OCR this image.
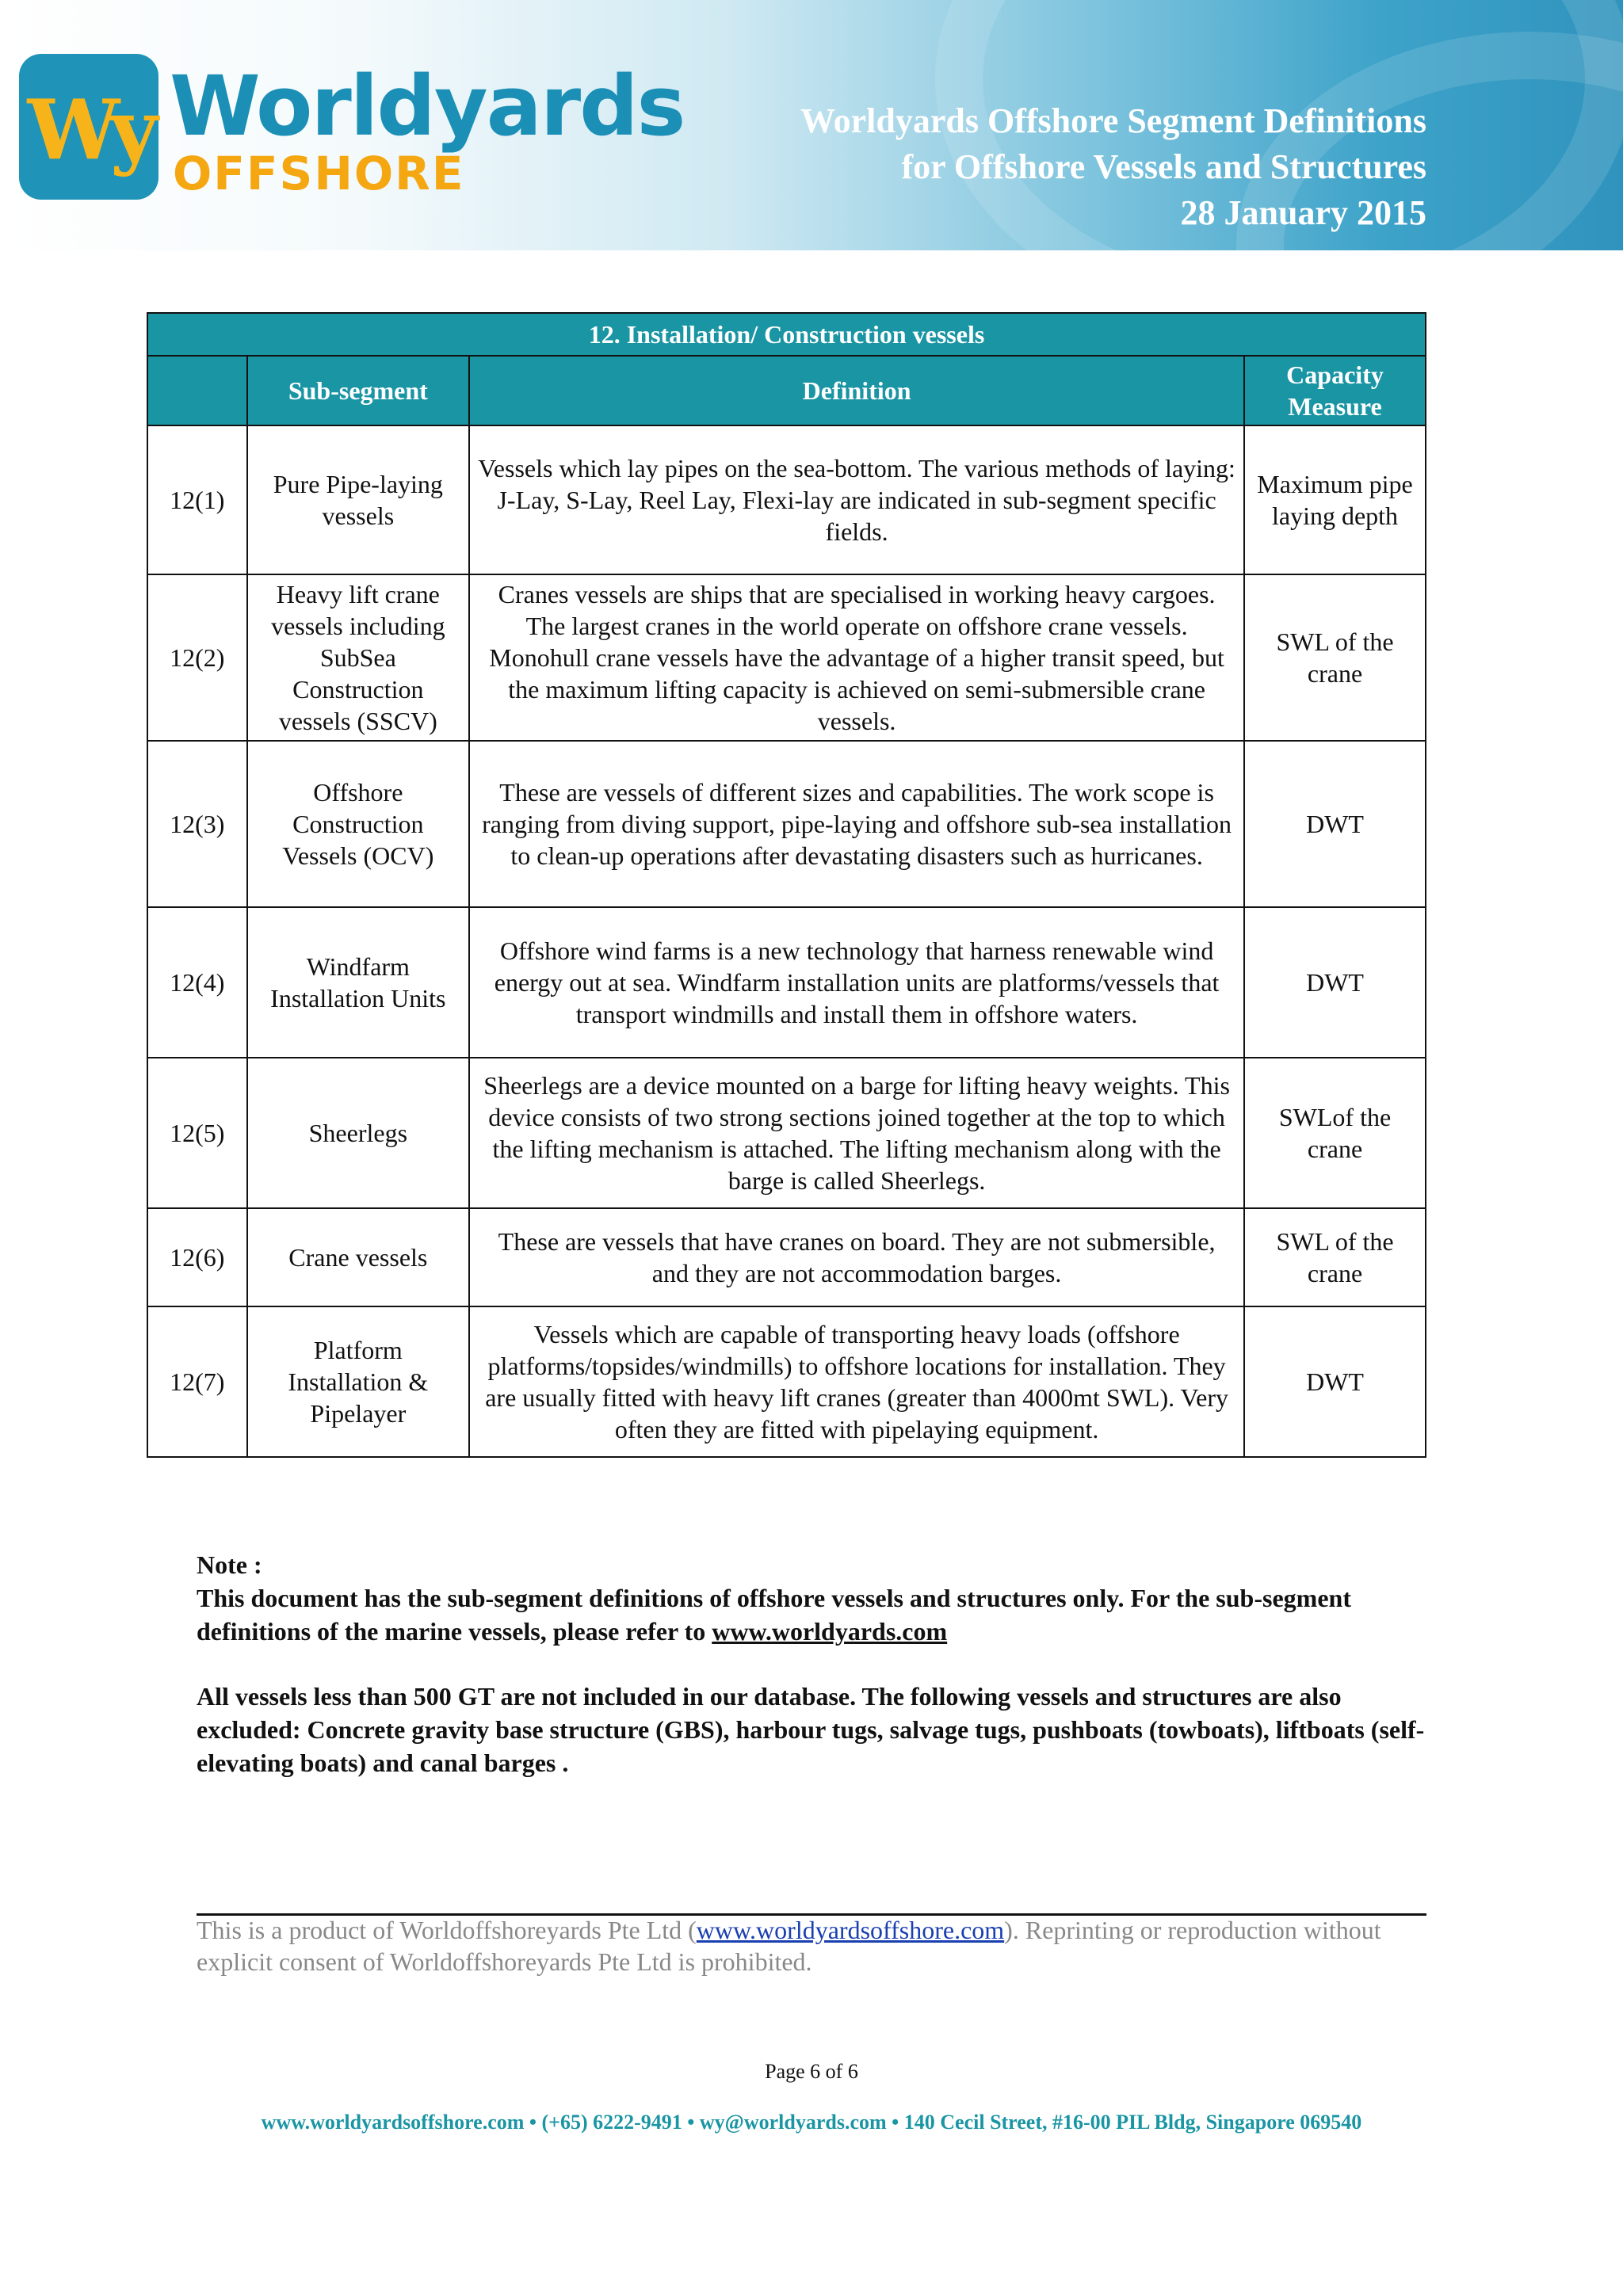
Wy Worldyards
OFFSHORE
Worldyards Offshore Segment Definitions
for Offshore Vessels and Structures
28 January 2015
12. Installation/ Construction vessels			
	Sub-segment	Definition	Capacity Measure
12(1)	Pure Pipe-laying vessels	Vessels which lay pipes on the sea-bottom. The various methods of laying: J-Lay, S-Lay, Reel Lay, Flexi-lay are indicated in sub-segment specific fields.	Maximum pipe laying depth
12(2)	Heavy lift crane vessels including SubSea Construction vessels (SSCV)	Cranes vessels are ships that are specialised in working heavy cargoes. The largest cranes in the world operate on offshore crane vessels. Monohull crane vessels have the advantage of a higher transit speed, but the maximum lifting capacity is achieved on semi-submersible crane vessels.	SWL of the crane
12(3)	Offshore Construction Vessels (OCV)	These are vessels of different sizes and capabilities. The work scope is ranging from diving support, pipe-laying and offshore sub-sea installation to clean-up operations after devastating disasters such as hurricanes.	DWT
12(4)	Windfarm Installation Units	Offshore wind farms is a new technology that harness renewable wind energy out at sea. Windfarm installation units are platforms/vessels that transport windmills and install them in offshore waters.	DWT
12(5)	Sheerlegs	Sheerlegs are a device mounted on a barge for lifting heavy weights. This device consists of two strong sections joined together at the top to which the lifting mechanism is attached. The lifting mechanism along with the barge is called Sheerlegs.	SWLof the crane
12(6)	Crane vessels	These are vessels that have cranes on board. They are not submersible, and they are not accommodation barges.	SWL of the crane
12(7)	Platform Installation & Pipelayer	Vessels which are capable of transporting heavy loads (offshore platforms/topsides/windmills) to offshore locations for installation. They are usually fitted with heavy lift cranes (greater than 4000mt SWL). Very often they are fitted with pipelaying equipment.	DWT

Note :

This document has the sub-segment definitions of offshore vessels and structures only. For the sub-segment definitions of the marine vessels, please refer to www.worldyards.com

All vessels less than 500 GT are not included in our database. The following vessels and structures are also excluded: Concrete gravity base structure (GBS), harbour tugs, salvage tugs, pushboats (towboats), liftboats (self-elevating boats) and canal barges .

This is a product of Worldoffshoreyards Pte Ltd (www.worldyardsoffshore.com). Reprinting or reproduction without explicit consent of Worldoffshoreyards Pte Ltd is prohibited.
Page 6 of 6
www.worldyardsoffshore.com • (+65) 6222-9491 • wy@worldyards.com • 140 Cecil Street, #16-00 PIL Bldg, Singapore 069540
